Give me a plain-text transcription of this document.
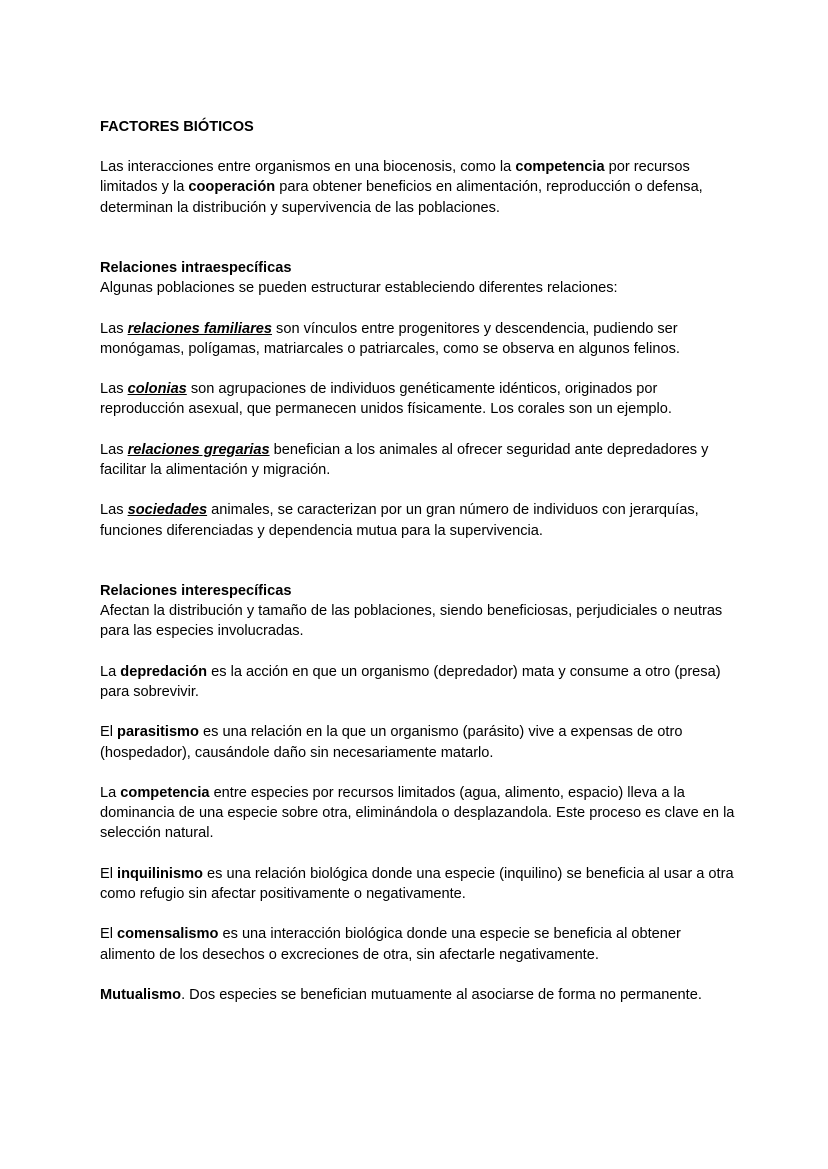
FACTORES BIÓTICOS

Las interacciones entre organismos en una biocenosis, como la competencia por recursos limitados y la cooperación para obtener beneficios en alimentación, reproducción o defensa, determinan la distribución y supervivencia de las poblaciones.

Relaciones intraespecíficas
Algunas poblaciones se pueden estructurar estableciendo diferentes relaciones:

Las relaciones familiares son vínculos entre progenitores y descendencia, pudiendo ser monógamas, polígamas, matriarcales o patriarcales, como se observa en algunos felinos.

Las colonias son agrupaciones de individuos genéticamente idénticos, originados por reproducción asexual, que permanecen unidos físicamente. Los corales son un ejemplo.

Las relaciones gregarias benefician a los animales al ofrecer seguridad ante depredadores y facilitar la alimentación y migración.

Las sociedades animales, se caracterizan por un gran número de individuos con jerarquías, funciones diferenciadas y dependencia mutua para la supervivencia.

Relaciones interespecíficas
Afectan la distribución y tamaño de las poblaciones, siendo beneficiosas, perjudiciales o neutras para las especies involucradas.

La depredación es la acción en que un organismo (depredador) mata y consume a otro (presa) para sobrevivir.

El parasitismo es una relación en la que un organismo (parásito) vive a expensas de otro (hospedador), causándole daño sin necesariamente matarlo.

La competencia entre especies por recursos limitados (agua, alimento, espacio) lleva a la dominancia de una especie sobre otra, eliminándola o desplazandola. Este proceso es clave en la selección natural.

El inquilinismo es una relación biológica donde una especie (inquilino) se beneficia al usar a otra como refugio sin afectar positivamente o negativamente.

El comensalismo es una interacción biológica donde una especie se beneficia al obtener alimento de los desechos o excreciones de otra, sin afectarle negativamente.

Mutualismo. Dos especies se benefician mutuamente al asociarse de forma no permanente.
